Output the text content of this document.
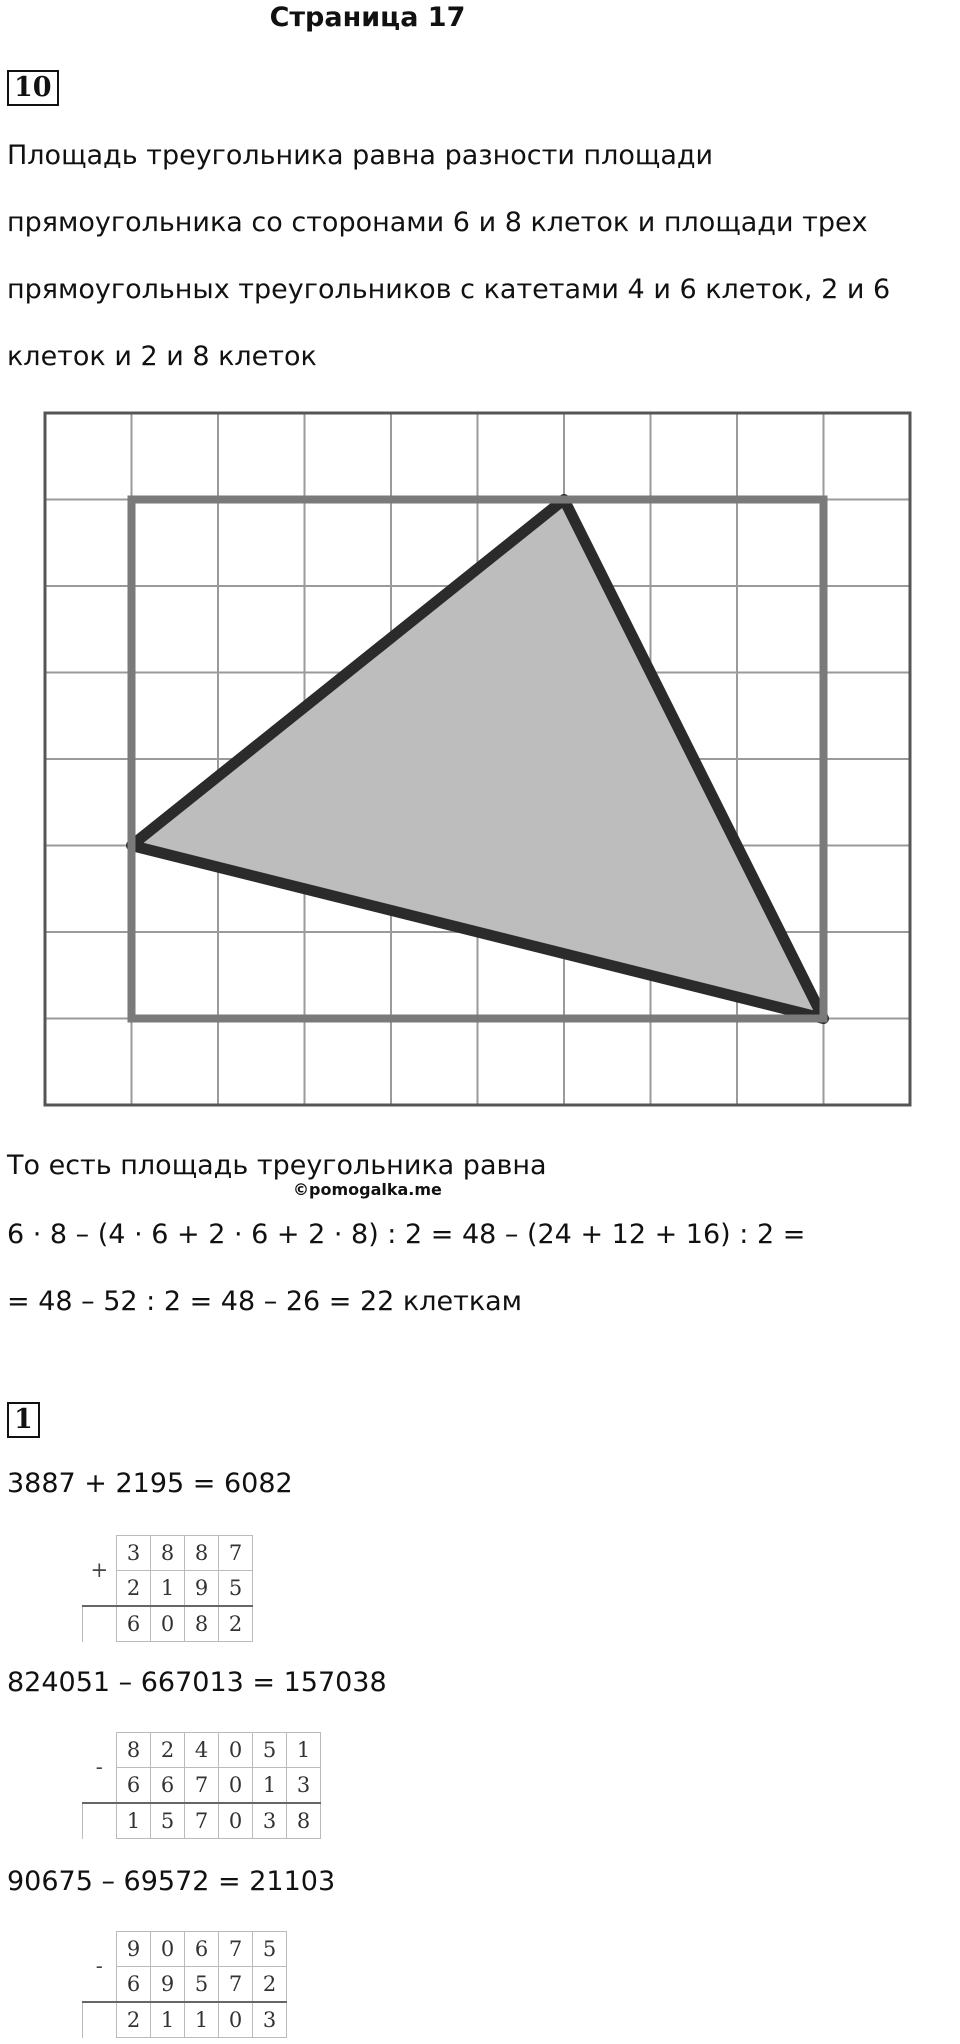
Страница 17
10
Площадь треугольника равна разности площади
прямоугольника со сторонами 6 и 8 клеток и площади трех
прямоугольных треугольников с катетами 4 и 6 клеток, 2 и 6
клеток и 2 и 8 клеток
То есть площадь треугольника равна
©pomogalka.me
6 · 8 – (4 · 6 + 2 · 6 + 2 · 8) : 2 = 48 – (24 + 12 + 16) : 2 =
= 48 – 52 : 2 = 48 – 26 = 22 клеткам
1
3887 + 2195 = 6082
+	3	8	8	7
	2	1	9	5
	6	0	8	2
824051 – 667013 = 157038
-	8	2	4	0	5	1
	6	6	7	0	1	3
	1	5	7	0	3	8
90675 – 69572 = 21103
-	9	0	6	7	5
	6	9	5	7	2
	2	1	1	0	3
